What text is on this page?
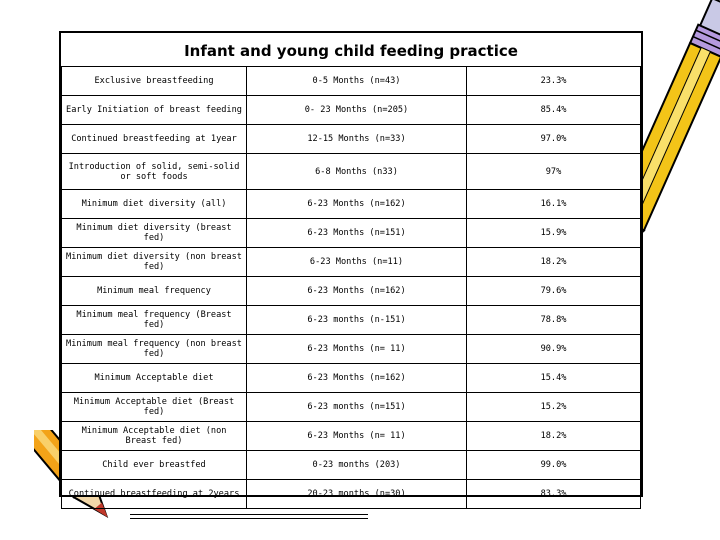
Infant and young child feeding practice
Exclusive breastfeeding	0-5 Months (n=43)	23.3%
Early Initiation of breast feeding	0- 23 Months (n=205)	85.4%
Continued breastfeeding at 1year	12-15 Months (n=33)	97.0%
Introduction of solid, semi-solid or soft foods	6-8 Months (n33)	97%
Minimum diet diversity (all)	6-23 Months (n=162)	16.1%
Minimum diet diversity (breast fed)	6-23 Months (n=151)	15.9%
Minimum diet diversity (non breast fed)	6-23 Months (n=11)	18.2%
Minimum meal frequency	6-23 Months (n=162)	79.6%
Minimum meal frequency (Breast fed)	6-23 months (n-151)	78.8%
Minimum meal frequency (non breast fed)	6-23 Months (n= 11)	90.9%
Minimum Acceptable diet	6-23 Months (n=162)	15.4%
Minimum Acceptable diet (Breast fed)	6-23 months (n=151)	15.2%
Minimum Acceptable diet (non Breast fed)	6-23 Months (n= 11)	18.2%
Child ever breastfed	0-23 months (203)	99.0%
Continued breastfeeding at 2years	20-23 months (n=30)	83.3%
